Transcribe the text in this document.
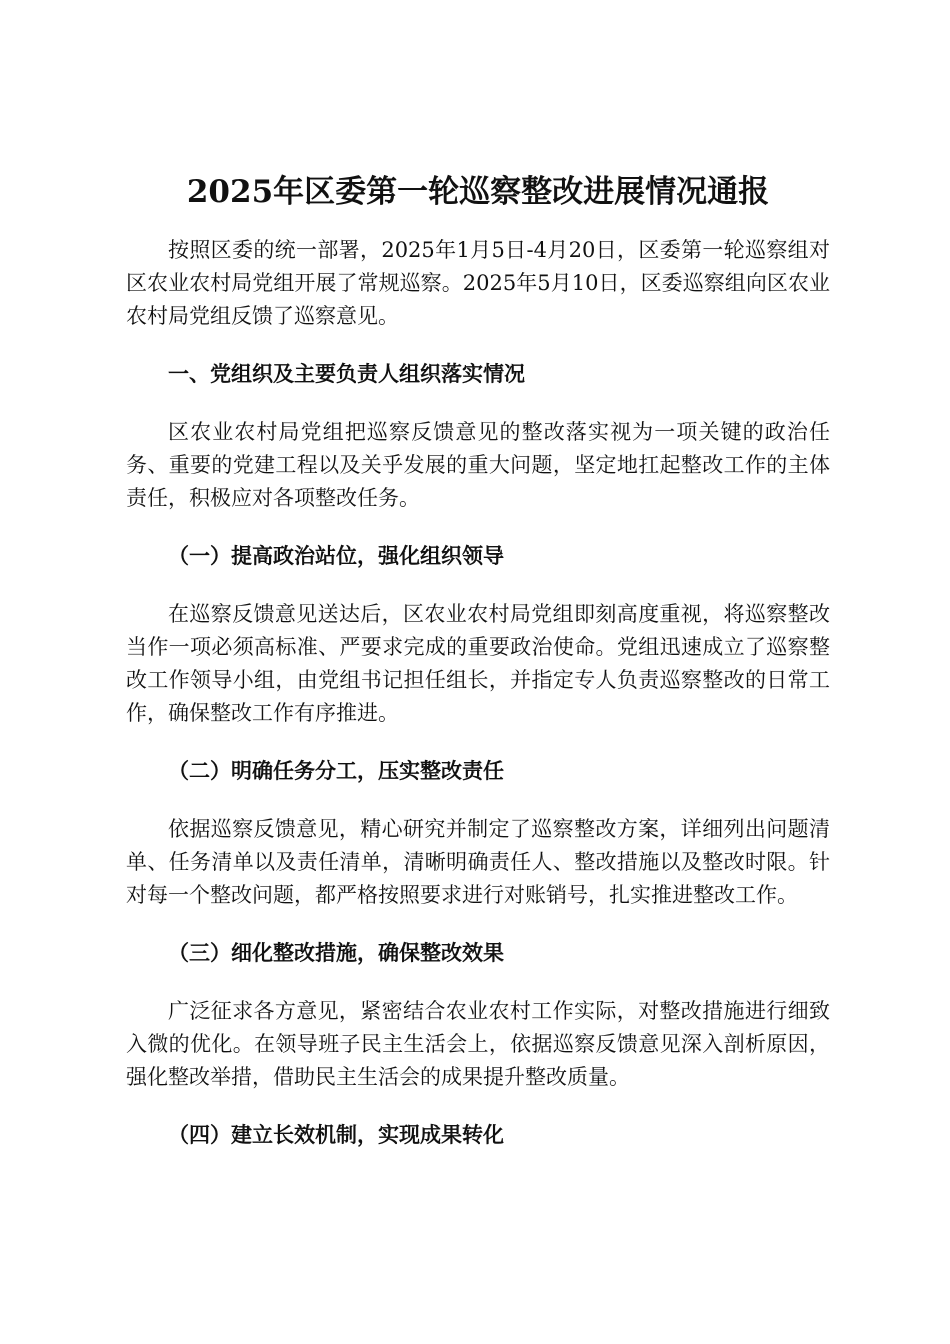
2025年区委第一轮巡察整改进展情况通报

按照区委的统一部署，2025年1月5日-4月20日，区委第一轮巡察组对区农业农村局党组开展了常规巡察。2025年5月10日，区委巡察组向区农业农村局党组反馈了巡察意见。

一、党组织及主要负责人组织落实情况

区农业农村局党组把巡察反馈意见的整改落实视为一项关键的政治任务、重要的党建工程以及关乎发展的重大问题，坚定地扛起整改工作的主体责任，积极应对各项整改任务。

（一）提高政治站位，强化组织领导

在巡察反馈意见送达后，区农业农村局党组即刻高度重视，将巡察整改当作一项必须高标准、严要求完成的重要政治使命。党组迅速成立了巡察整改工作领导小组，由党组书记担任组长，并指定专人负责巡察整改的日常工作，确保整改工作有序推进。

（二）明确任务分工，压实整改责任

依据巡察反馈意见，精心研究并制定了巡察整改方案，详细列出问题清单、任务清单以及责任清单，清晰明确责任人、整改措施以及整改时限。针对每一个整改问题，都严格按照要求进行对账销号，扎实推进整改工作。

（三）细化整改措施，确保整改效果

广泛征求各方意见，紧密结合农业农村工作实际，对整改措施进行细致入微的优化。在领导班子民主生活会上，依据巡察反馈意见深入剖析原因，强化整改举措，借助民主生活会的成果提升整改质量。

（四）建立长效机制，实现成果转化
